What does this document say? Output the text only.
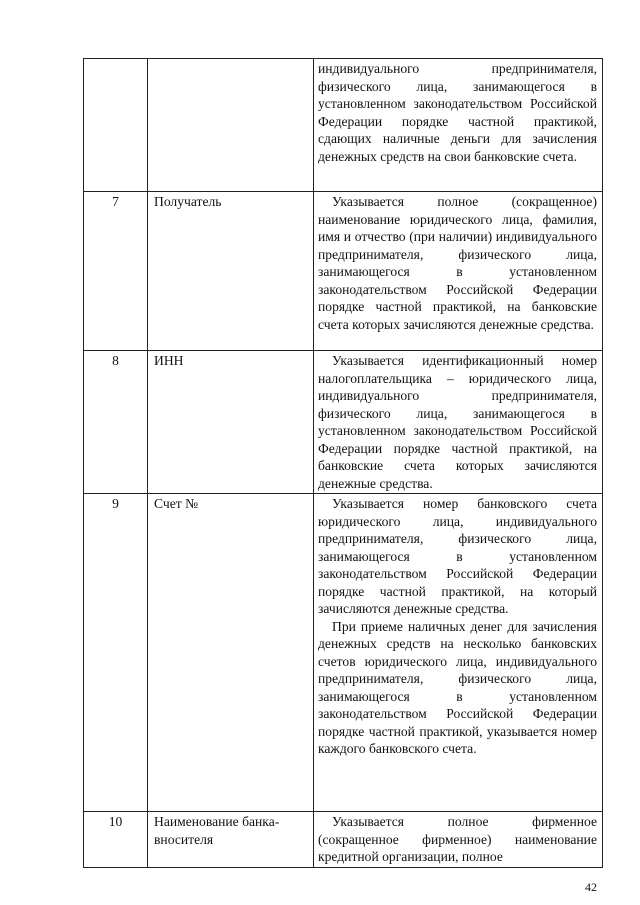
		индивидуального предпринимателя, физического лица, занимающегося в установленном законодательством Российской Федерации порядке частной практикой, сдающих наличные деньги для зачисления денежных средств на свои банковские счета.

7	Получатель	Указывается полное (сокращенное) наименование юридического лица, фамилия, имя и отчество (при наличии) индивидуального предпринимателя, физического лица, занимающегося в установленном законодательством Российской Федерации порядке частной практикой, на банковские счета которых зачисляются денежные средства.

8	ИНН	Указывается идентификационный номер налогоплательщика – юридического лица, индивидуального предпринимателя, физического лица, занимающегося в установленном законодательством Российской Федерации порядке частной практикой, на банковские счета которых зачисляются денежные средства.

9	Счет №	Указывается номер банковского счета юридического лица, индивидуального предпринимателя, физического лица, занимающегося в установленном законодательством Российской Федерации порядке частной практикой, на который зачисляются денежные средства.

При приеме наличных денег для зачисления денежных средств на несколько банковских счетов юридического лица, индивидуального предпринимателя, физического лица, занимающегося в установленном законодательством Российской Федерации порядке частной практикой, указывается номер каждого банковского счета.

10	Наименование банка-вносителя	Указывается полное фирменное (сокращенное фирменное) наименование кредитной организации, полное

42
